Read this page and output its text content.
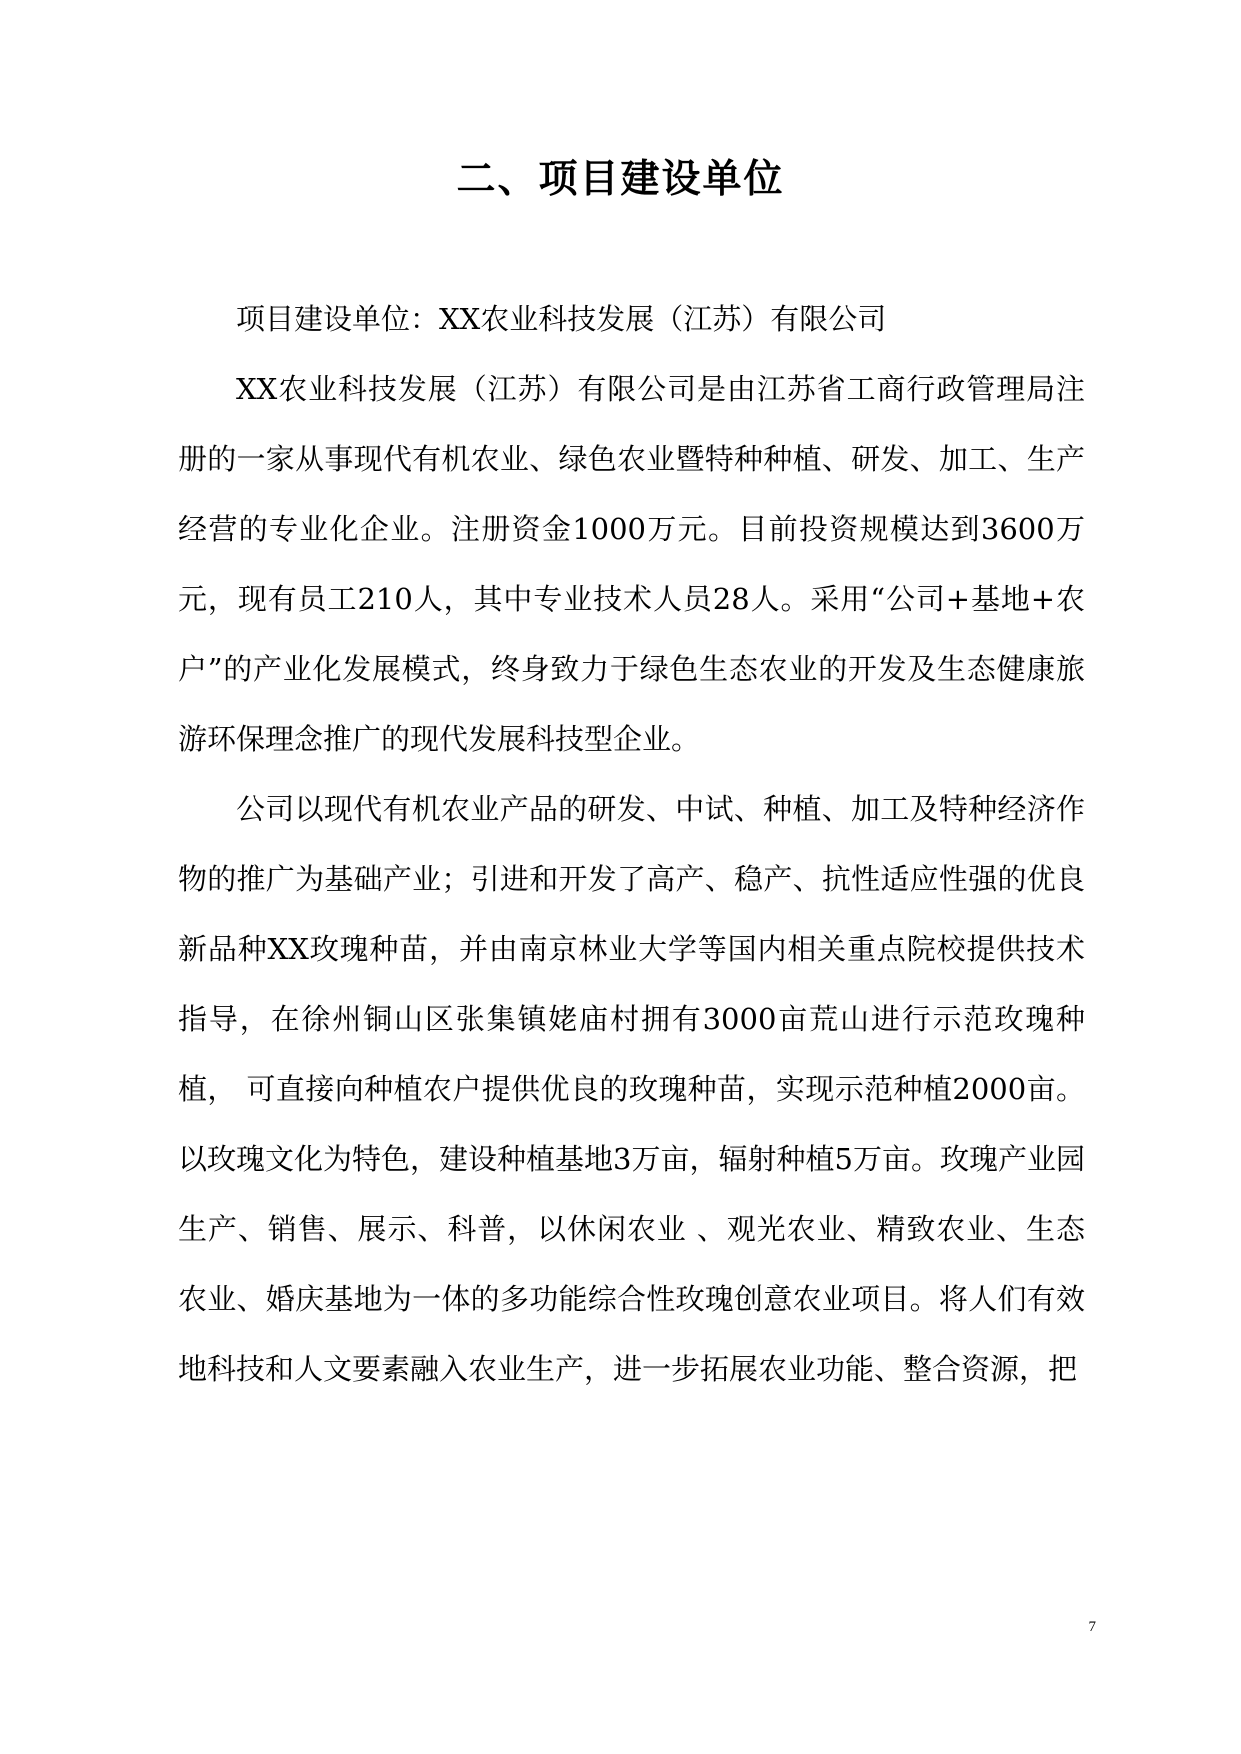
二、项目建设单位

项目建设单位：XX农业科技发展（江苏）有限公司

XX农业科技发展（江苏）有限公司是由江苏省工商行政管理局注册的一家从事现代有机农业、绿色农业暨特种种植、研发、加工、生产经营的专业化企业。注册资金1000万元。目前投资规模达到3600万元，现有员工210人，其中专业技术人员28人。采用“公司+基地+农户”的产业化发展模式，终身致力于绿色生态农业的开发及生态健康旅游环保理念推广的现代发展科技型企业。

公司以现代有机农业产品的研发、中试、种植、加工及特种经济作物的推广为基础产业；引进和开发了高产、稳产、抗性适应性强的优良新品种XX玫瑰种苗，并由南京林业大学等国内相关重点院校提供技术指导，在徐州铜山区张集镇姥庙村拥有3000亩荒山进行示范玫瑰种植， 可直接向种植农户提供优良的玫瑰种苗，实现示范种植2000亩。以玫瑰文化为特色，建设种植基地3万亩，辐射种植5万亩。玫瑰产业园生产、销售、展示、科普，以休闲农业 、观光农业、精致农业、生态农业、婚庆基地为一体的多功能综合性玫瑰创意农业项目。将人们有效地科技和人文要素融入农业生产，进一步拓展农业功能、整合资源，把

7
